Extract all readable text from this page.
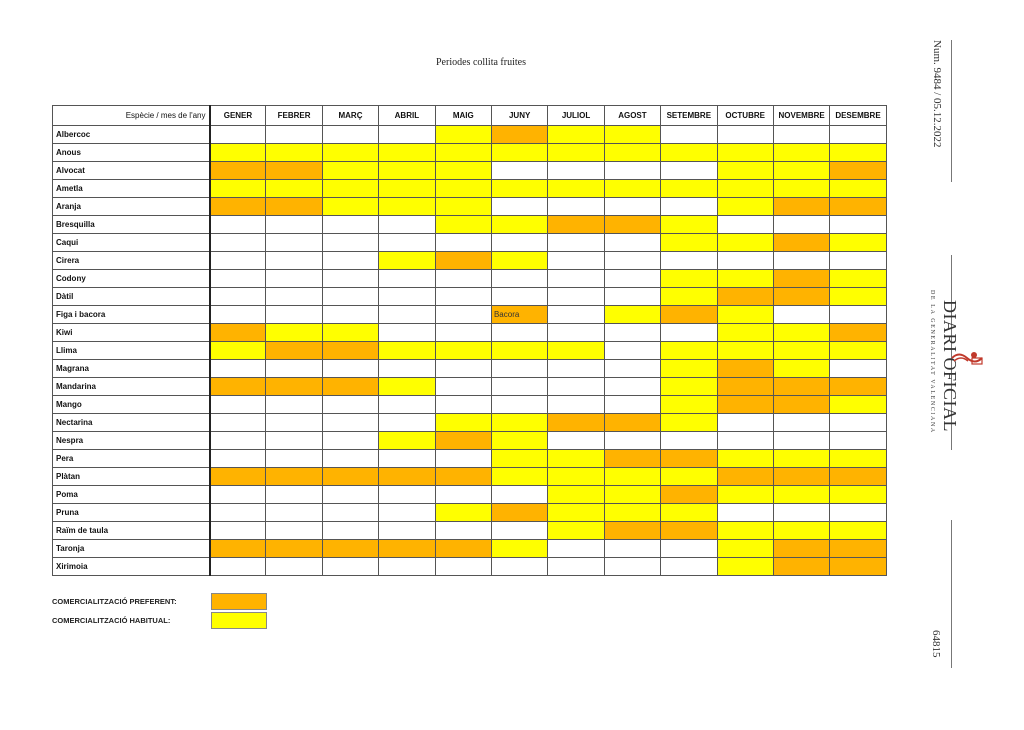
Periodes collita fruites
Espècie / mes de l'any	GENER	FEBRER	MARÇ	ABRIL	MAIG	JUNY	JULIOL	AGOST	SETEMBRE	OCTUBRE	NOVEMBRE	DESEMBRE
Albercoc												
Anous												
Alvocat												
Ametla												
Aranja												
Bresquilla												
Caqui												
Cirera												
Codony												
Dàtil												
Figa i bacora						Bacora						
Kiwi												
Llima												
Magrana												
Mandarina												
Mango												
Nectarina												
Nespra												
Pera												
Plàtan												
Poma												
Pruna												
Raïm de taula												
Taronja												
Xirimoia												
COMERCIALITZACIÓ PREFERENT:
COMERCIALITZACIÓ HABITUAL:
Num. 9484 / 05.12.2022
DIARI OFICIAL
DE LA GENERALITAT VALENCIANA
64815
